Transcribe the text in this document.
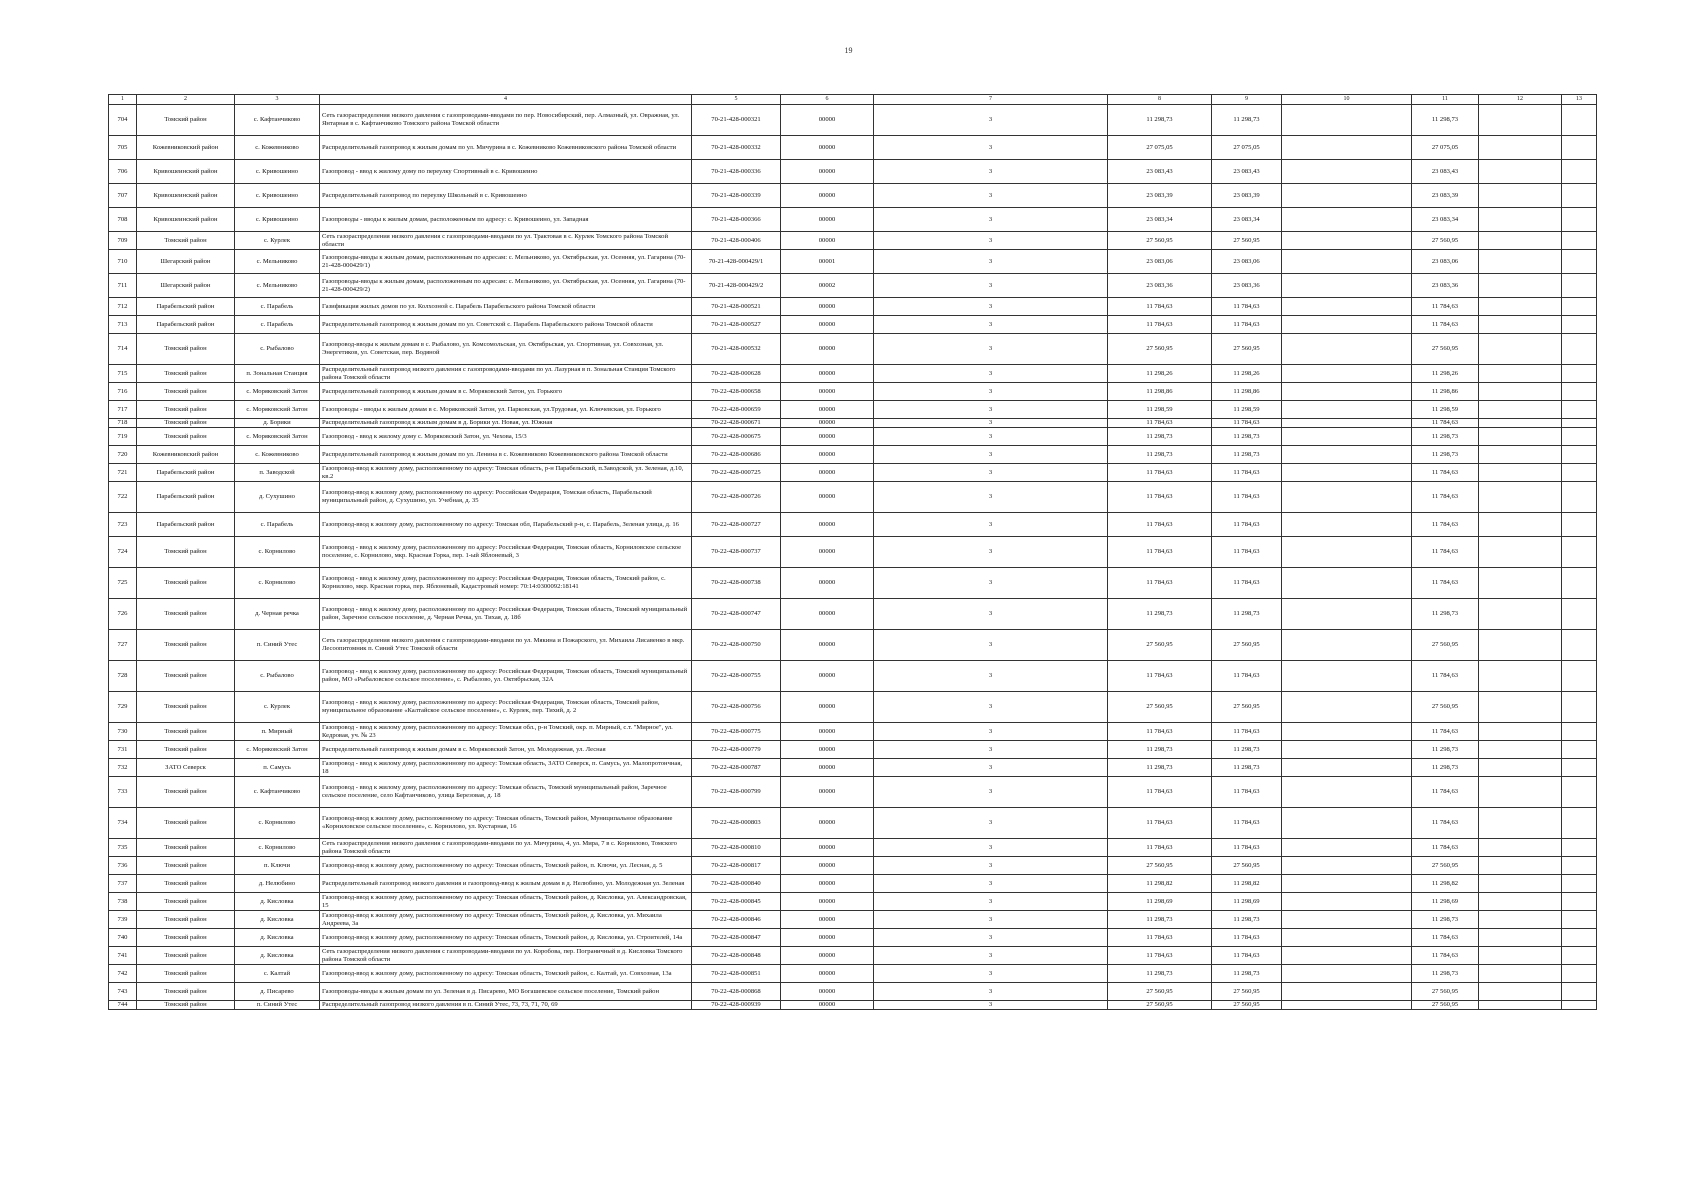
19
1	2	3	4	5	6	7	8	9	10	11	12	13
704	Томский район	с. Кафтанчиково	Сеть газораспределения низкого давления с газопроводами-вводами по пер. Новосибирский, пер. Алмазный, ул. Овражная, ул. Янтарная в с. Кафтанчиково Томского района Томской области	70-21-428-000321	00000	3	11 298,73	11 298,73		11 298,73		
705	Кожевниковский район	с. Кожевниково	Распределительный газопровод к жилым домам по ул. Мичурина в с. Кожевниково Кожевниковского района Томской области	70-21-428-000332	00000	3	27 075,05	27 075,05		27 075,05		
706	Кривошеинский район	с. Кривошеино	Газопровод - ввод к жилому дому по переулку Спортивный в с. Кривошеино	70-21-428-000336	00000	3	23 083,43	23 083,43		23 083,43		
707	Кривошеинский район	с. Кривошеино	Распределительный газопровод по переулку Школьный в с. Кривошеино	70-21-428-000339	00000	3	23 083,39	23 083,39		23 083,39		
708	Кривошеинский район	с. Кривошеино	Газопроводы - вводы к жилым домам, расположенным по адресу: с. Кривошеино, ул. Западная	70-21-428-000366	00000	3	23 083,34	23 083,34		23 083,34		
709	Томский район	с. Курлек	Сеть газораспределения низкого давления с газопроводами-вводами по ул. Трактовая в с. Курлек Томского района Томской области	70-21-428-000406	00000	3	27 560,95	27 560,95		27 560,95		
710	Шегарский район	с. Мельниково	Газопроводы-вводы к жилым домам, расположенным по адресам: с. Мельниково, ул. Октябрьская, ул. Осенняя, ул. Гагарина (70-21-428-000429/1)	70-21-428-000429/1	00001	3	23 083,06	23 083,06		23 083,06		
711	Шегарский район	с. Мельниково	Газопроводы-вводы к жилым домам, расположенным по адресам: с. Мельниково, ул. Октябрьская, ул. Осенняя, ул. Гагарина (70-21-428-000429/2)	70-21-428-000429/2	00002	3	23 083,36	23 083,36		23 083,36		
712	Парабельский район	с. Парабель	Газификация жилых домов по ул. Колхозной с. Парабель Парабельского района Томской области	70-21-428-000521	00000	3	11 784,63	11 784,63		11 784,63		
713	Парабельский район	с. Парабель	Распределительный газопровод к жилым домам по ул. Советской с. Парабель Парабельского района Томской области	70-21-428-000527	00000	3	11 784,63	11 784,63		11 784,63		
714	Томский район	с. Рыбалово	Газопровод-вводы к жилым домам в с. Рыбалово, ул. Комсомольская, ул. Октябрьская, ул. Спортивная, ул. Совхозная, ул. Энергетиков, ул. Советская, пер. Водяной	70-21-428-000532	00000	3	27 560,95	27 560,95		27 560,95		
715	Томский район	п. Зональная Станция	Распределительный газопровод низкого давления с газопроводами-вводами по ул. Лазурная в п. Зональная Станция Томского района Томской области	70-22-428-000628	00000	3	11 298,26	11 298,26		11 298,26		
716	Томский район	с. Моряковский Затон	Распределительный газопровод к жилым домам в с. Моряковский Затон, ул. Горького	70-22-428-000658	00000	3	11 298,86	11 298,86		11 298,86		
717	Томский район	с. Моряковский Затон	Газопроводы - вводы к жилым домам в с. Моряковский Затон, ул. Парковская, ул.Трудовая, ул. Ключевская, ул. Горького	70-22-428-000659	00000	3	11 298,59	11 298,59		11 298,59		
718	Томский район	д. Борики	Распределительный газопровод к жилым домам в д. Борики ул. Новая, ул. Южная	70-22-428-000671	00000	3	11 784,63	11 784,63		11 784,63		
719	Томский район	с. Моряковский Затон	Газопровод - ввод к жилому дому с. Моряковский Затон, ул. Чехова, 15/3	70-22-428-000675	00000	3	11 298,73	11 298,73		11 298,73		
720	Кожевниковский район	с. Кожевниково	Распределительный газопровод к жилым домам по ул. Ленина в с. Кожевниково Кожевниковского района Томской области	70-22-428-000686	00000	3	11 298,73	11 298,73		11 298,73		
721	Парабельский район	п. Заводской	Газопровод-ввод к жилому дому, расположенному по адресу: Томская область, р-н Парабельский, п.Заводской, ул. Зеленая, д.10, кв.2	70-22-428-000725	00000	3	11 784,63	11 784,63		11 784,63		
722	Парабельский район	д. Сухушино	Газопровод-ввод к жилому дому, расположенному по адресу: Российская Федерация, Томская область, Парабельский муниципальный район, д. Сухушино, ул. Учебная, д. 35	70-22-428-000726	00000	3	11 784,63	11 784,63		11 784,63		
723	Парабельский район	с. Парабель	Газопровод-ввод к жилому дому, расположенному по адресу: Томская обл, Парабельский р-н, с. Парабель, Зеленая улица, д. 16	70-22-428-000727	00000	3	11 784,63	11 784,63		11 784,63		
724	Томский район	с. Корнилово	Газопровод - ввод к жилому дому, расположенному по адресу: Российская Федерация, Томская область, Корниловское сельское поселение, с. Корнилово, мкр. Красная Горка, пер. 1-ый Яблоневый, 3	70-22-428-000737	00000	3	11 784,63	11 784,63		11 784,63		
725	Томский район	с. Корнилово	Газопровод - ввод к жилому дому, расположенному по адресу: Российская Федерация, Томская область, Томский район, с. Корнилово, мкр. Красная горка, пер. Яблоневый, Кадастровый номер: 70:14:0300092:18141	70-22-428-000738	00000	3	11 784,63	11 784,63		11 784,63		
726	Томский район	д. Черная речка	Газопровод - ввод к жилому дому, расположенному по адресу: Российская Федерация, Томская область, Томский муниципальный район, Заречное сельское поселение, д. Черная Речка, ул. Тихая, д. 18б	70-22-428-000747	00000	3	11 298,73	11 298,73		11 298,73		
727	Томский район	п. Синий Утес	Сеть газораспределения низкого давления с газопроводами-вводами по ул. Мякина и Пожарского, ул. Михаила Лисавенко в мкр. Лесоопитомник п. Синий Утес Томской области	70-22-428-000750	00000	3	27 560,95	27 560,95		27 560,95		
728	Томский район	с. Рыбалово	Газопровод - ввод к жилому дому, расположенному по адресу: Российская Федерация, Томская область, Томский муниципальный район, МО «Рыбаловское сельское поселение», с. Рыбалово, ул. Октябрьская, 32А	70-22-428-000755	00000	3	11 784,63	11 784,63		11 784,63		
729	Томский район	с. Курлек	Газопровод - ввод к жилому дому, расположенному по адресу: Российская Федерация, Томская область, Томский район, муниципальное образование «Калтайское сельское поселение», с. Курлек, пер. Тихий, д. 2	70-22-428-000756	00000	3	27 560,95	27 560,95		27 560,95		
730	Томский район	п. Мирный	Газопровод - ввод к жилому дому, расположенному по адресу: Томская обл., р-н Томский, окр. п. Мирный, с.т. "Мирное", ул. Кедровая, уч. № 23	70-22-428-000775	00000	3	11 784,63	11 784,63		11 784,63		
731	Томский район	с. Моряковский Затон	Распределительный газопровод к жилым домам в с. Моряковский Затон, ул. Молодежная, ул. Лесная	70-22-428-000779	00000	3	11 298,73	11 298,73		11 298,73		
732	ЗАТО Северск	п. Самусь	Газопровод - ввод к жилому дому, расположенному по адресу: Томская область, ЗАТО Северск, п. Самусь, ул. Малопротончная, 18	70-22-428-000787	00000	3	11 298,73	11 298,73		11 298,73		
733	Томский район	с. Кафтанчиково	Газопровод - ввод к жилому дому, расположенному по адресу: Томская область, Томский муниципальный район, Заречное сельское поселение, село Кафтанчиково, улица Березовая, д. 18	70-22-428-000799	00000	3	11 784,63	11 784,63		11 784,63		
734	Томский район	с. Корнилово	Газопровод-ввод к жилому дому, расположенному по адресу: Томская область, Томский район, Муниципальное образование «Корниловское сельское поселение», с. Корнилово, ул. Кустарная, 16	70-22-428-000803	00000	3	11 784,63	11 784,63		11 784,63		
735	Томский район	с. Корнилово	Сеть газораспределения низкого давления с газопроводами-вводами по ул. Мичурина, 4, ул. Мира, 7 в с. Корнилово, Томского района Томской области	70-22-428-000810	00000	3	11 784,63	11 784,63		11 784,63		
736	Томский район	п. Ключи	Газопровод-ввод к жилому дому, расположенному по адресу: Томская область, Томский район, п. Ключи, ул. Лесная, д. 5	70-22-428-000817	00000	3	27 560,95	27 560,95		27 560,95		
737	Томский район	д. Нелюбино	Распределительный газопровод низкого давления и газопровод-ввод к жилым домам в д. Нелюбино, ул. Молодежная ул. Зеленая	70-22-428-000840	00000	3	11 298,82	11 298,82		11 298,82		
738	Томский район	д. Кисловка	Газопровод-ввод к жилому дому, расположенному по адресу: Томская область, Томский район, д. Кисловка, ул. Александровская, 15	70-22-428-000845	00000	3	11 298,69	11 298,69		11 298,69		
739	Томский район	д. Кисловка	Газопровод-ввод к жилому дому, расположенному по адресу: Томская область, Томский район, д. Кисловка, ул. Михаила Андреева, 3а	70-22-428-000846	00000	3	11 298,73	11 298,73		11 298,73		
740	Томский район	д. Кисловка	Газопровод-ввод к жилому дому, расположенному по адресу: Томская область, Томский район, д. Кисловка, ул. Строителей, 14а	70-22-428-000847	00000	3	11 784,63	11 784,63		11 784,63		
741	Томский район	д. Кисловка	Сеть газораспределения низкого давления с газопроводами-вводами по ул. Коробова, пер. Пограничный в д. Кисловка Томского района Томской области	70-22-428-000848	00000	3	11 784,63	11 784,63		11 784,63		
742	Томский район	с. Калтай	Газопровод-ввод к жилому дому, расположенному по адресу: Томская область, Томский район, с. Калтай, ул. Совхозная, 13а	70-22-428-000851	00000	3	11 298,73	11 298,73		11 298,73		
743	Томский район	д. Писарево	Газопроводы-вводы к жилым домам по ул. Зеленая в д. Писарево, МО Богашевское сельское поселение, Томский район	70-22-428-000868	00000	3	27 560,95	27 560,95		27 560,95		
744	Томский район	п. Синий Утес	Распределительный газопровод низкого давления в п. Синий Утес, 73, 73, 71, 70, 69	70-22-428-000939	00000	3	27 560,95	27 560,95		27 560,95		
